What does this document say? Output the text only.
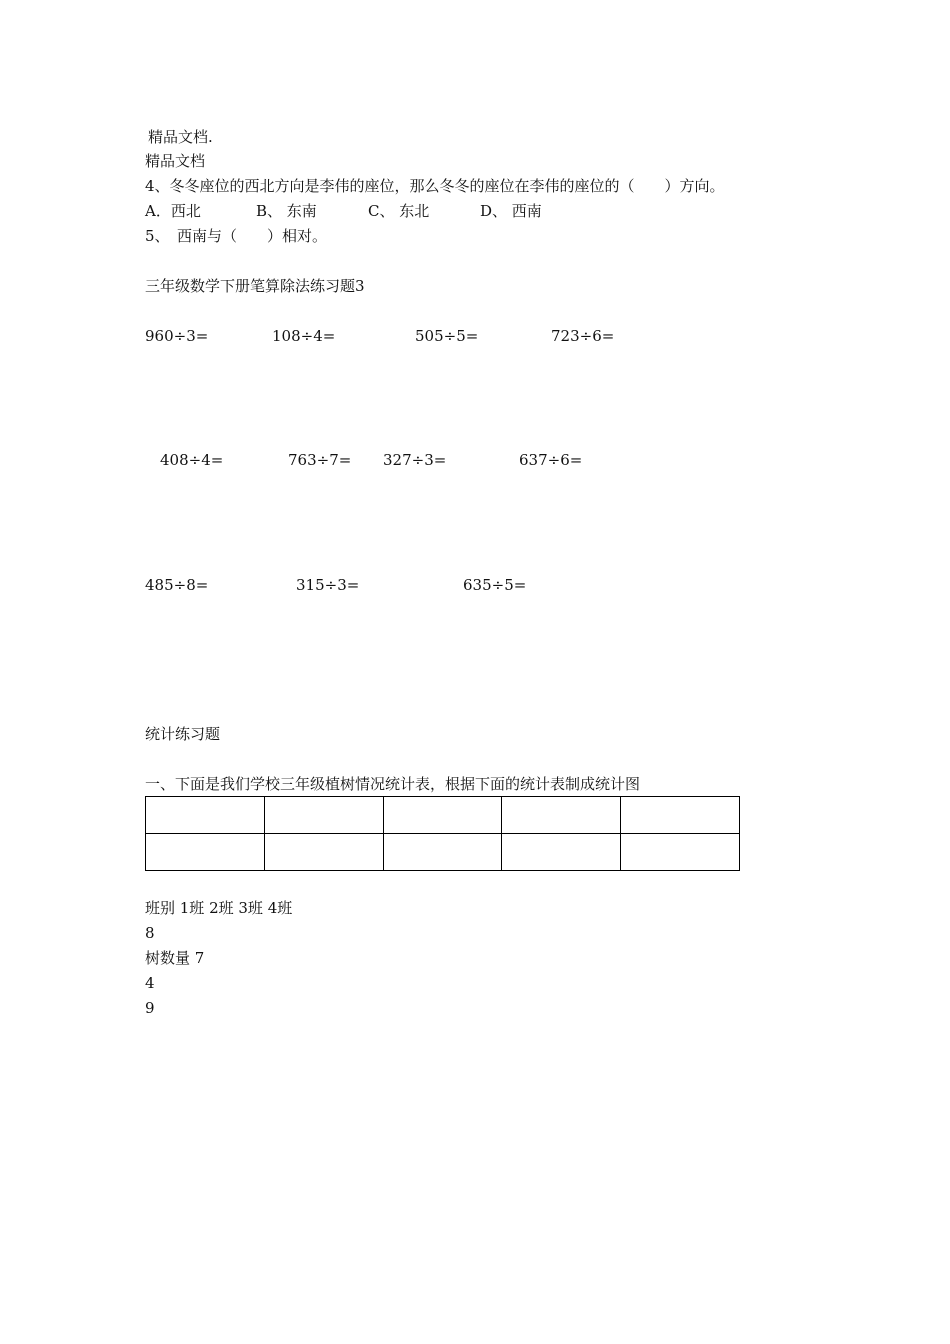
精品文档.
精品文档
4、冬冬座位的西北方向是李伟的座位，那么冬冬的座位在李伟的座位的（　　）方向。
A．西北	B、 东南	C、 东北	D、 西南
5、　西南与（　　）相对。
三年级数学下册笔算除法练习题3
960÷3=	108÷4=	505÷5=	723÷6=
408÷4=	763÷7= 327÷3=	637÷6=
485÷8=	315÷3=	635÷5=
统计练习题
一、下面是我们学校三年级植树情况统计表，根据下面的统计表制成统计图

班别 1班 2班 3班 4班
8
树数量 7
4
9
